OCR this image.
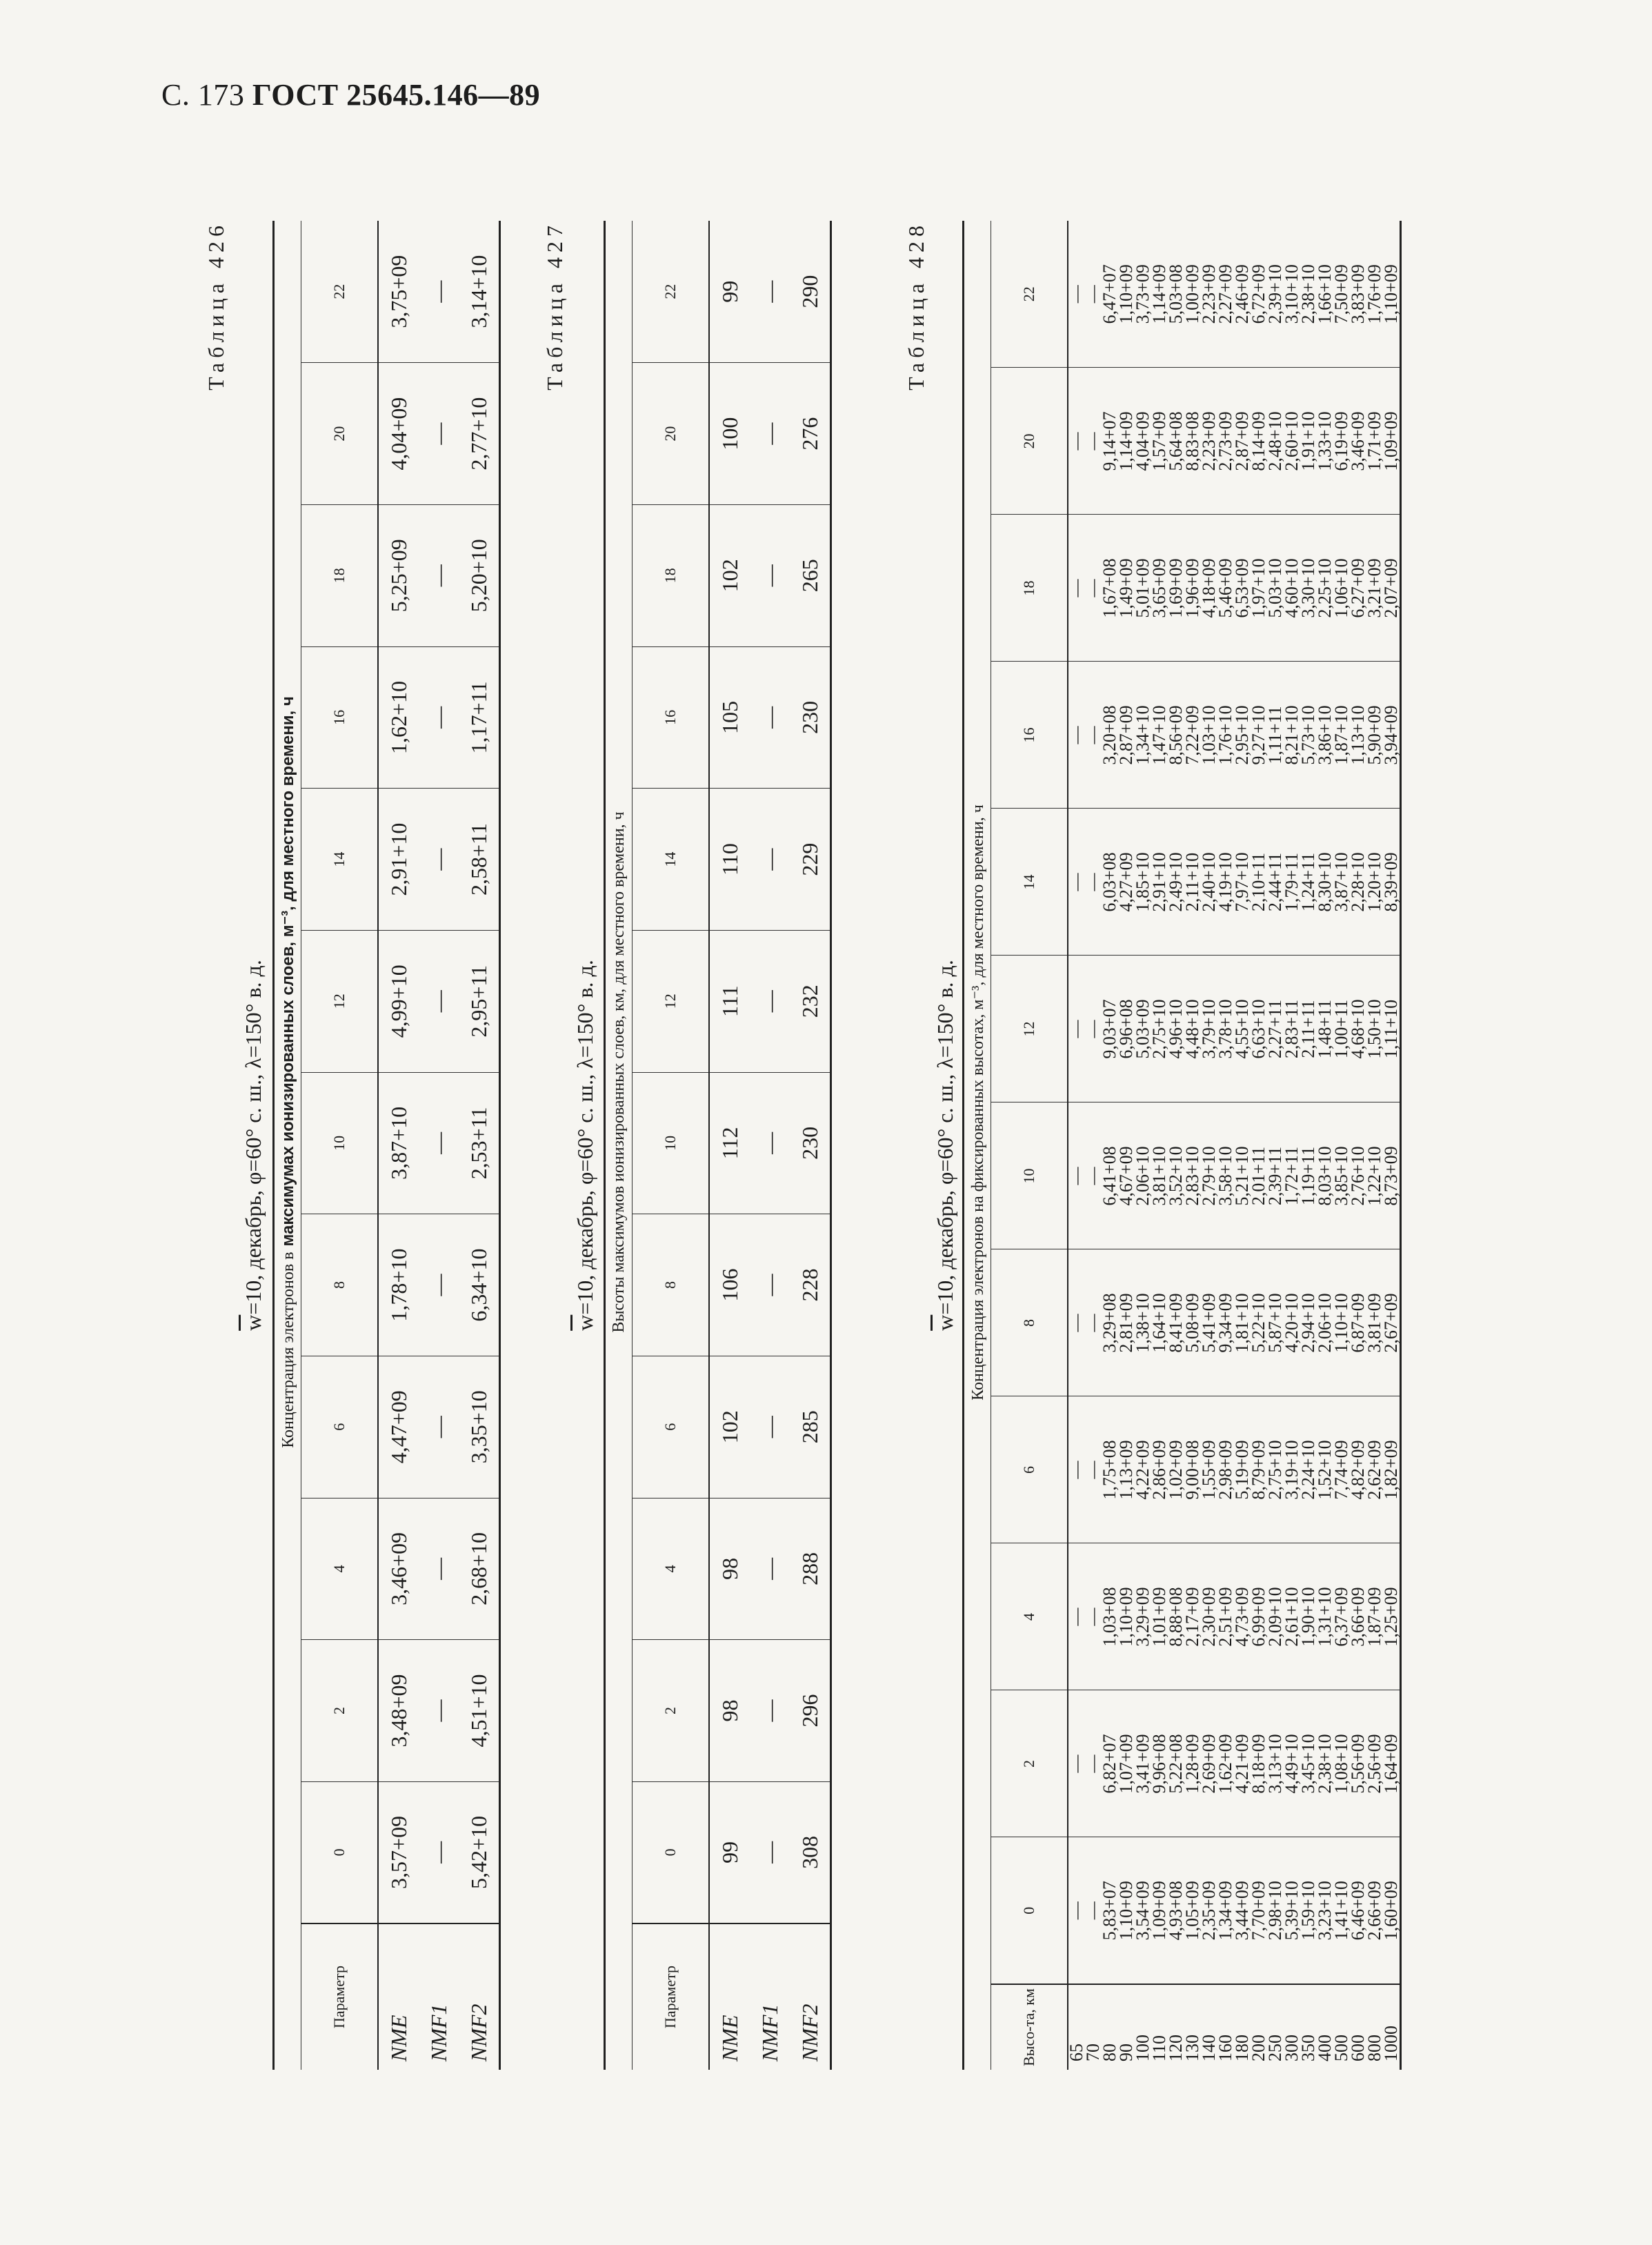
С. 173 ГОСТ 25645.146—89
Таблица 426
$\overline{w}=10$, декабрь, φ=60° с. ш., λ=150° в. д.
	Концентрация электронов вмаксимумах ионизированных слоев, м⁻³, для местного времени, ч											
Параметр	0	2	4	6	8	10	12	14	16	18	20	22
NME	3,57+09	3,48+09	3,46+09	4,47+09	1,78+10	3,87+10	4,99+10	2,91+10	1,62+10	5,25+09	4,04+09	3,75+09
NMF1	—	—	—	—	—	—	—	—	—	—	—	—
NMF2	5,42+10	4,51+10	2,68+10	3,35+10	6,34+10	2,53+11	2,95+11	2,58+11	1,17+11	5,20+10	2,77+10	3,14+10 Таблица 427
$\overline{w}=10$, декабрь, φ=60° с. ш., λ=150° в. д.
	Высоты максимумов ионизированных слоев, км, для местного времени, ч											
Параметр	0	2	4	6	8	10	12	14	16	18	20	22
NME	99	98	98	102	106	112	111	110	105	102	100	99
NMF1	—	—	—	—	—	—	—	—	—	—	—	—
NMF2	308	296	288	285	228	230	232	229	230	265	276	290	Таблица 428
$\overline{w}=10$, декабрь, φ=60° с. ш., λ=150° в. д.
	Концентрация электронов на фиксированных высотах, м⁻³, для местного времени, ч											
Высо-та, км	0	2	4	6	8	10	12	14	16	18	20	22
65	—	—	—	—	—	—	—	—	—	—	—	—
70	—	—	—	—	—	—	—	—	—	—	—	—
80	5,83+07	6,82+07	1,03+08	1,75+08	3,29+08	6,41+08	9,03+07	6,03+08	3,20+08	1,67+08	9,14+07	6,47+07
90	1,10+09	1,07+09	1,10+09	1,13+09	2,81+09	4,67+09	6,96+08	4,27+09	2,87+09	1,49+09	1,14+09	1,10+09
100	3,54+09	3,41+09	3,29+09	4,22+09	1,38+10	2,06+10	5,03+09	1,85+10	1,34+10	5,01+09	4,04+09	3,73+09
110	1,09+09	9,96+08	1,01+09	2,86+09	1,64+10	3,81+10	2,75+10	2,91+10	1,47+10	3,65+09	1,57+09	1,14+09
120	4,93+08	5,22+08	8,88+08	1,02+09	8,41+09	3,52+10	4,96+10	2,49+10	8,56+09	1,69+09	5,64+08	5,03+08
130	1,05+09	1,28+09	2,17+09	9,00+08	5,08+09	2,83+10	4,48+10	2,11+10	7,22+09	1,96+09	8,83+08	1,00+09
140	2,35+09	2,69+09	2,30+09	1,55+09	5,41+09	2,79+10	3,79+10	2,40+10	1,03+10	4,18+09	2,23+09	2,23+09
160	1,34+09	1,62+09	2,51+09	2,98+09	9,34+09	3,58+10	3,78+10	4,19+10	1,76+10	5,46+09	2,73+09	2,27+09
180	3,44+09	4,21+09	4,73+09	5,19+09	1,81+10	5,21+10	4,55+10	7,97+10	2,95+10	6,53+09	2,87+09	2,46+09
200	7,70+09	8,18+09	6,99+09	8,79+09	5,22+10	2,01+11	6,63+10	2,10+11	9,27+10	1,97+10	8,14+09	6,72+09
250	2,98+10	3,13+10	2,09+10	2,75+10	5,87+10	2,39+11	2,27+11	2,44+11	1,11+11	5,03+10	2,48+10	2,39+10
300	5,39+10	4,49+10	2,61+10	3,19+10	4,20+10	1,72+11	2,83+11	1,79+11	8,21+10	4,60+10	2,60+10	3,10+10
350	1,59+10	3,45+10	1,90+10	2,24+10	2,94+10	1,19+11	2,11+11	1,24+11	5,73+10	3,30+10	1,91+10	2,38+10
400	3,23+10	2,38+10	1,31+10	1,52+10	2,06+10	8,03+10	1,48+11	8,30+10	3,86+10	2,25+10	1,33+10	1,66+10
500	1,41+10	1,08+10	6,37+09	7,74+09	1,10+10	3,85+10	1,00+11	3,87+10	1,87+10	1,06+10	6,19+09	7,50+09
600	6,46+09	5,56+09	3,66+09	4,82+09	6,87+09	2,76+10	4,68+10	2,28+10	1,13+10	6,27+09	3,46+09	3,83+09
800	2,66+09	2,56+09	1,87+09	2,62+09	3,81+09	1,22+10	1,50+10	1,20+10	5,90+09	3,21+09	1,71+09	1,76+09
1000	1,60+09	1,64+09	1,25+09	1,82+09	2,67+09	8,73+09	1,11+10	8,39+09	3,94+09	2,07+09	1,09+09	1,10+09
